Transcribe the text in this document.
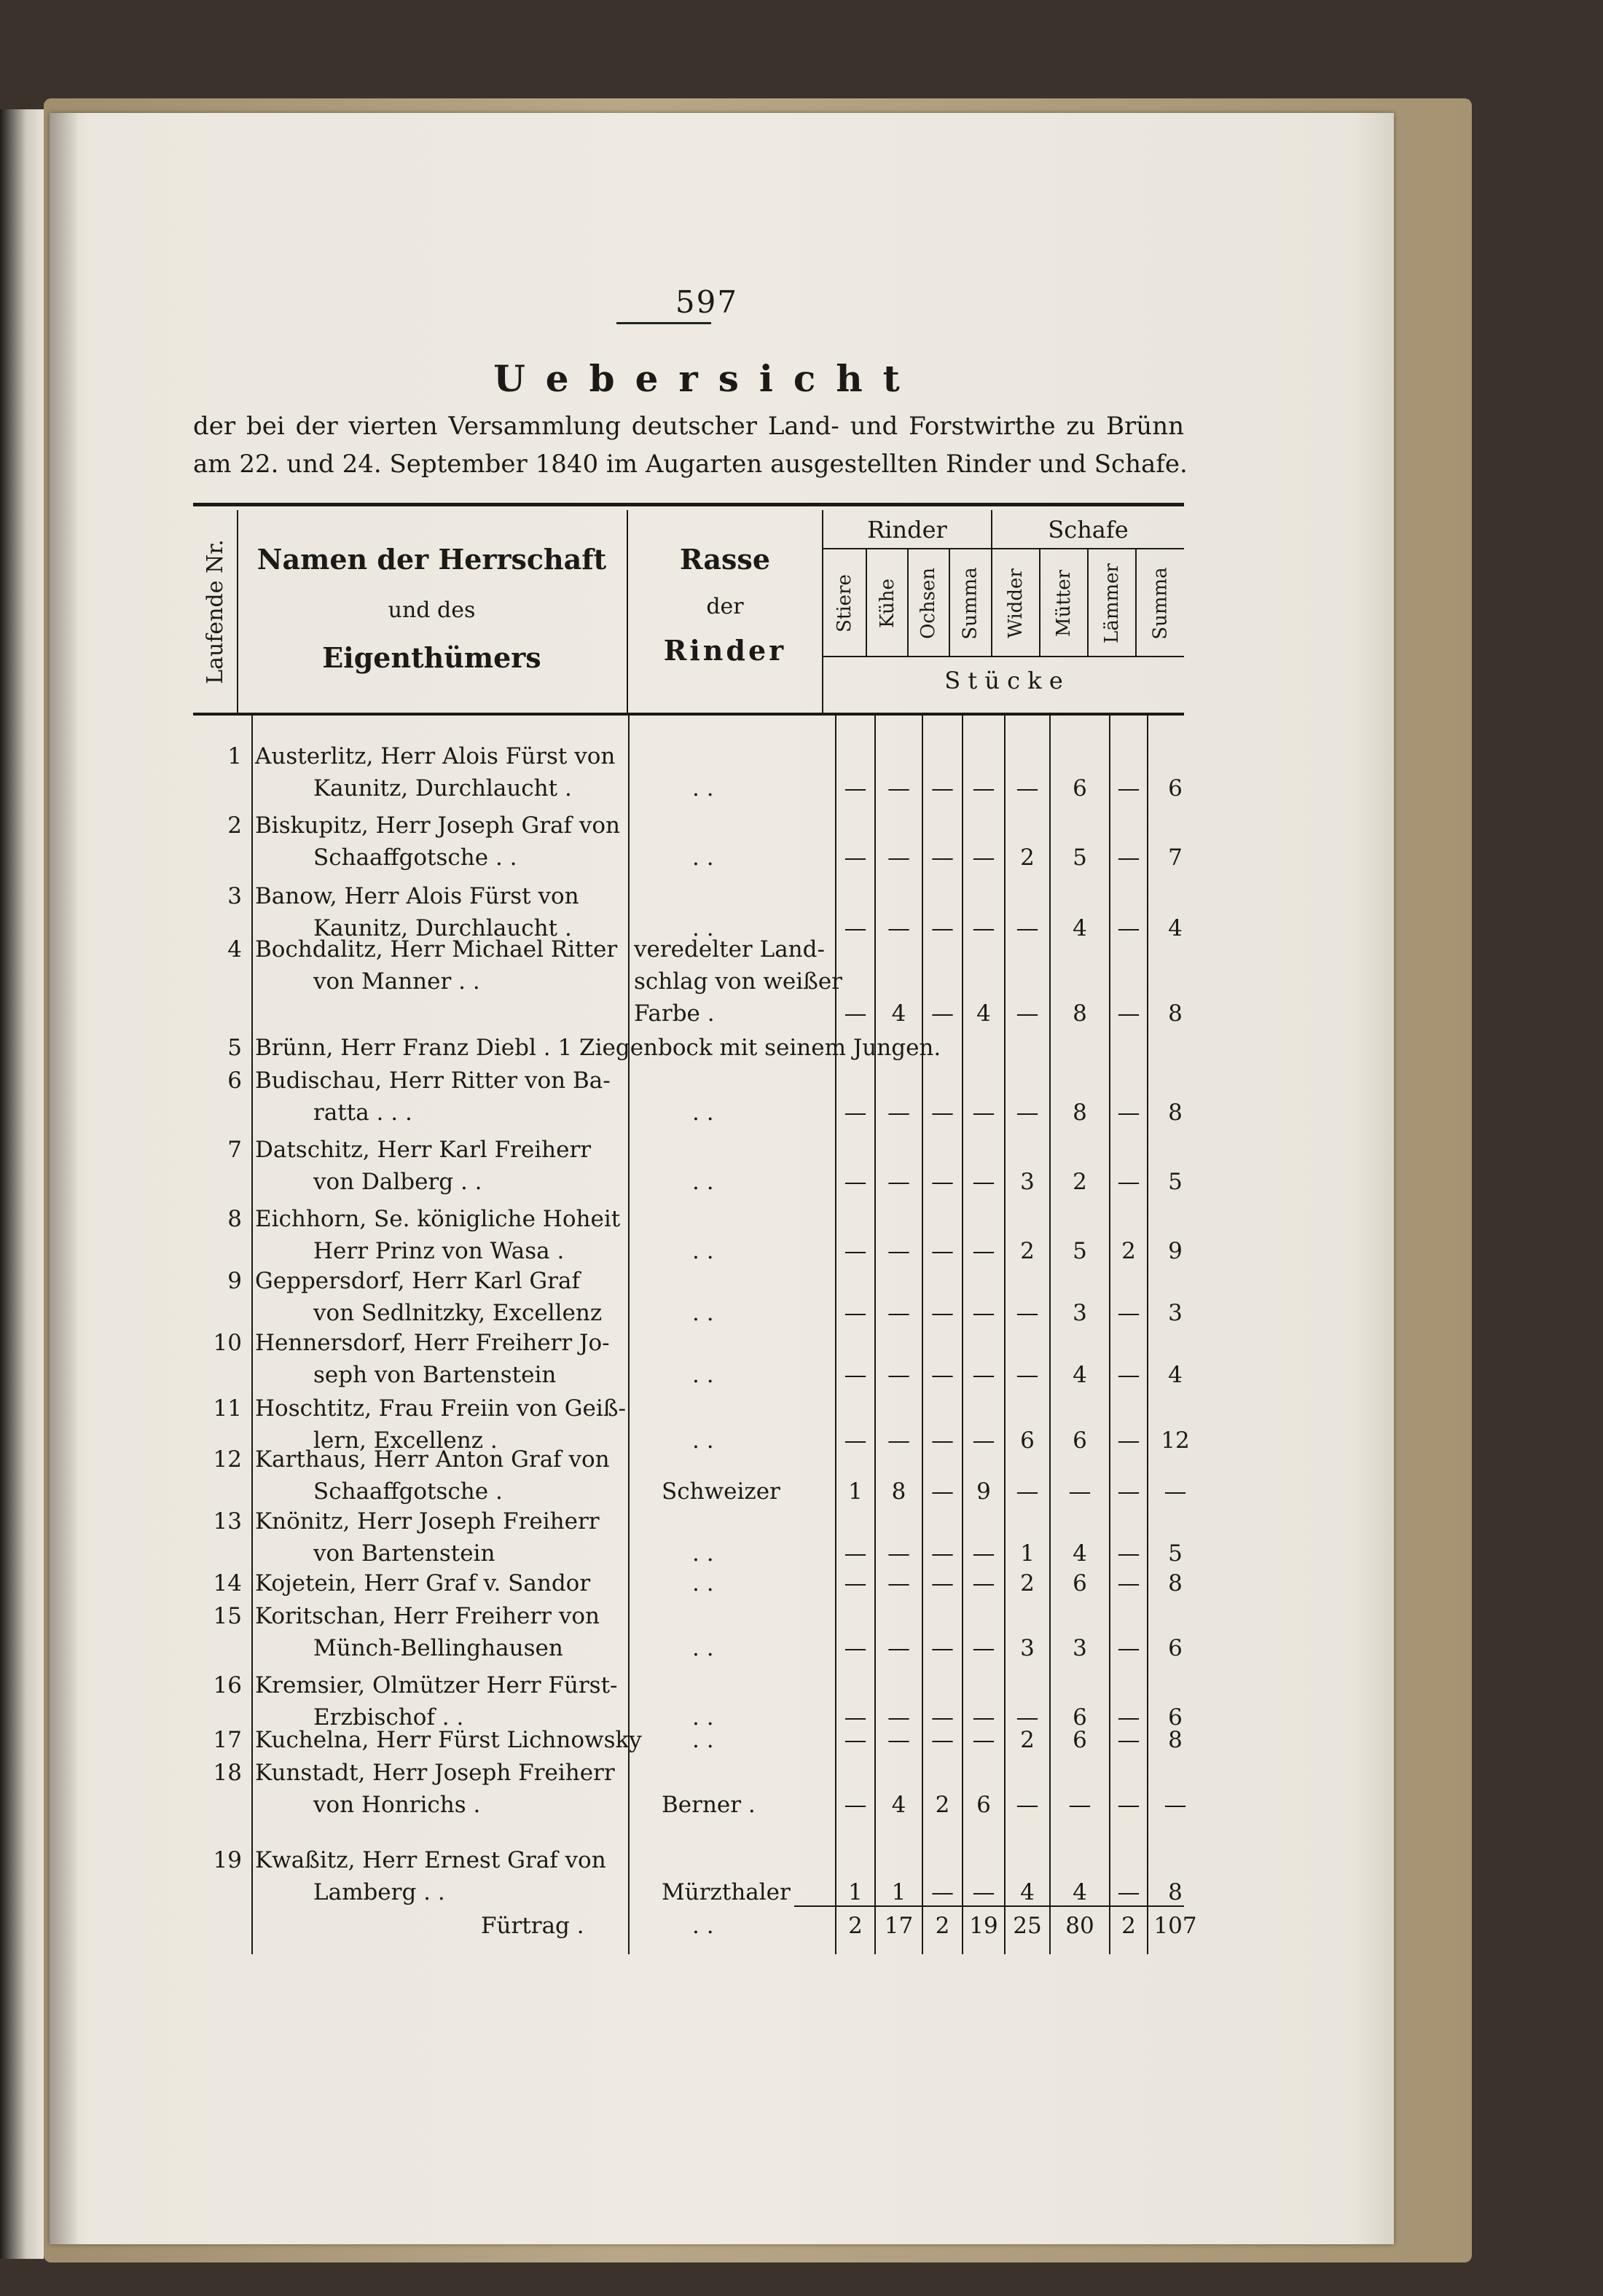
597
Uebersicht
der bei der vierten Versammlung deutscher Land- und Forstwirthe zu Brünn
am 22. und 24. September 1840 im Augarten ausgestellten Rinder und Schafe.
Laufende Nr.	Namen der Herrschaft
und des
Eigenthümers
Rasse
der
Rinder
Rinder	Schafe
S t ü c k e
Stiere Kühe Ochsen Summa Widder Mütter Lämmer Summa
1 Austerlitz, Herr Alois Fürst von
Kaunitz, Durchlaucht .	. .	— — — — —	6	—	6
2 Biskupitz, Herr Joseph Graf von
Schaaffgotsche . .	. .	— — — —	2	5	—	7
3 Banow, Herr Alois Fürst von
Kaunitz, Durchlaucht .	. .	— — — — —	4	—	4
4 Bochdalitz, Herr Michael Ritter
von Manner . .
veredelter Land-
schlag von weißer
Farbe .	—	4	—	4	—	8	—	8
5 Brünn, Herr Franz Diebl . 1 Ziegenbock mit seinem Jungen.
6 Budischau, Herr Ritter von Ba-
ratta . . .	. .	— — — — —	8	—	8
7 Datschitz, Herr Karl Freiherr
von Dalberg . .	. .	— — — —	3	2	—	5
8 Eichhorn, Se. königliche Hoheit
Herr Prinz von Wasa .	. .	— — — —	2	5	2	9
9 Geppersdorf, Herr Karl Graf
von Sedlnitzky, Excellenz	. .	— — — — —	3	—	3
10 Hennersdorf, Herr Freiherr Jo-
seph von Bartenstein	. .	— — — — —	4	—	4
11 Hoschtitz, Frau Freiin von Geiß-
lern, Excellenz .	. .	— — — —	6	6	— 12
12 Karthaus, Herr Anton Graf von
Schaaffgotsche .	Schweizer	1	8	—	9	—	—	—	—
13 Knönitz, Herr Joseph Freiherr
von Bartenstein	. .	— — — —	1	4	—	5
14 Kojetein, Herr Graf v. Sandor	. .	— — — —	2	6	—	8
15 Koritschan, Herr Freiherr von
Münch-Bellinghausen	. .	— — — —	3	3	—	6
16 Kremsier, Olmützer Herr Fürst-
Erzbischof . .	. .	— — — — —	6	—	6
17 Kuchelna, Herr Fürst Lichnowsky . .	— — — —	2	6	—	8
18 Kunstadt, Herr Joseph Freiherr
von Honrichs .	Berner .	—	4	2	6	—	—	—	—
19 Kwaßitz, Herr Ernest Graf von
Lamberg . .	Mürzthaler	1	1	— —	4	4	—	8
Fürtrag .	. .	2 17 2 19 25	80	2 107
